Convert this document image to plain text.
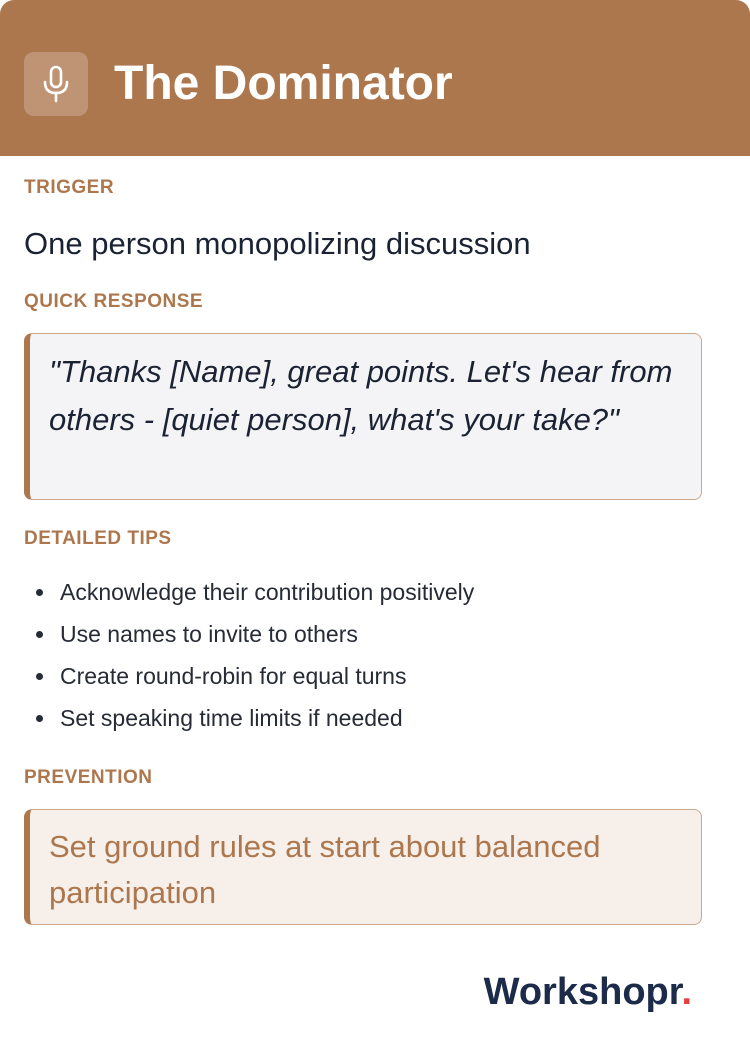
The Dominator
TRIGGER
One person monopolizing discussion
QUICK RESPONSE
"Thanks [Name], great points. Let's hear from others - [quiet person], what's your take?"
DETAILED TIPS
Acknowledge their contribution positively
Use names to invite to others
Create round-robin for equal turns
Set speaking time limits if needed
PREVENTION
Set ground rules at start about balanced participation
Workshopr.
